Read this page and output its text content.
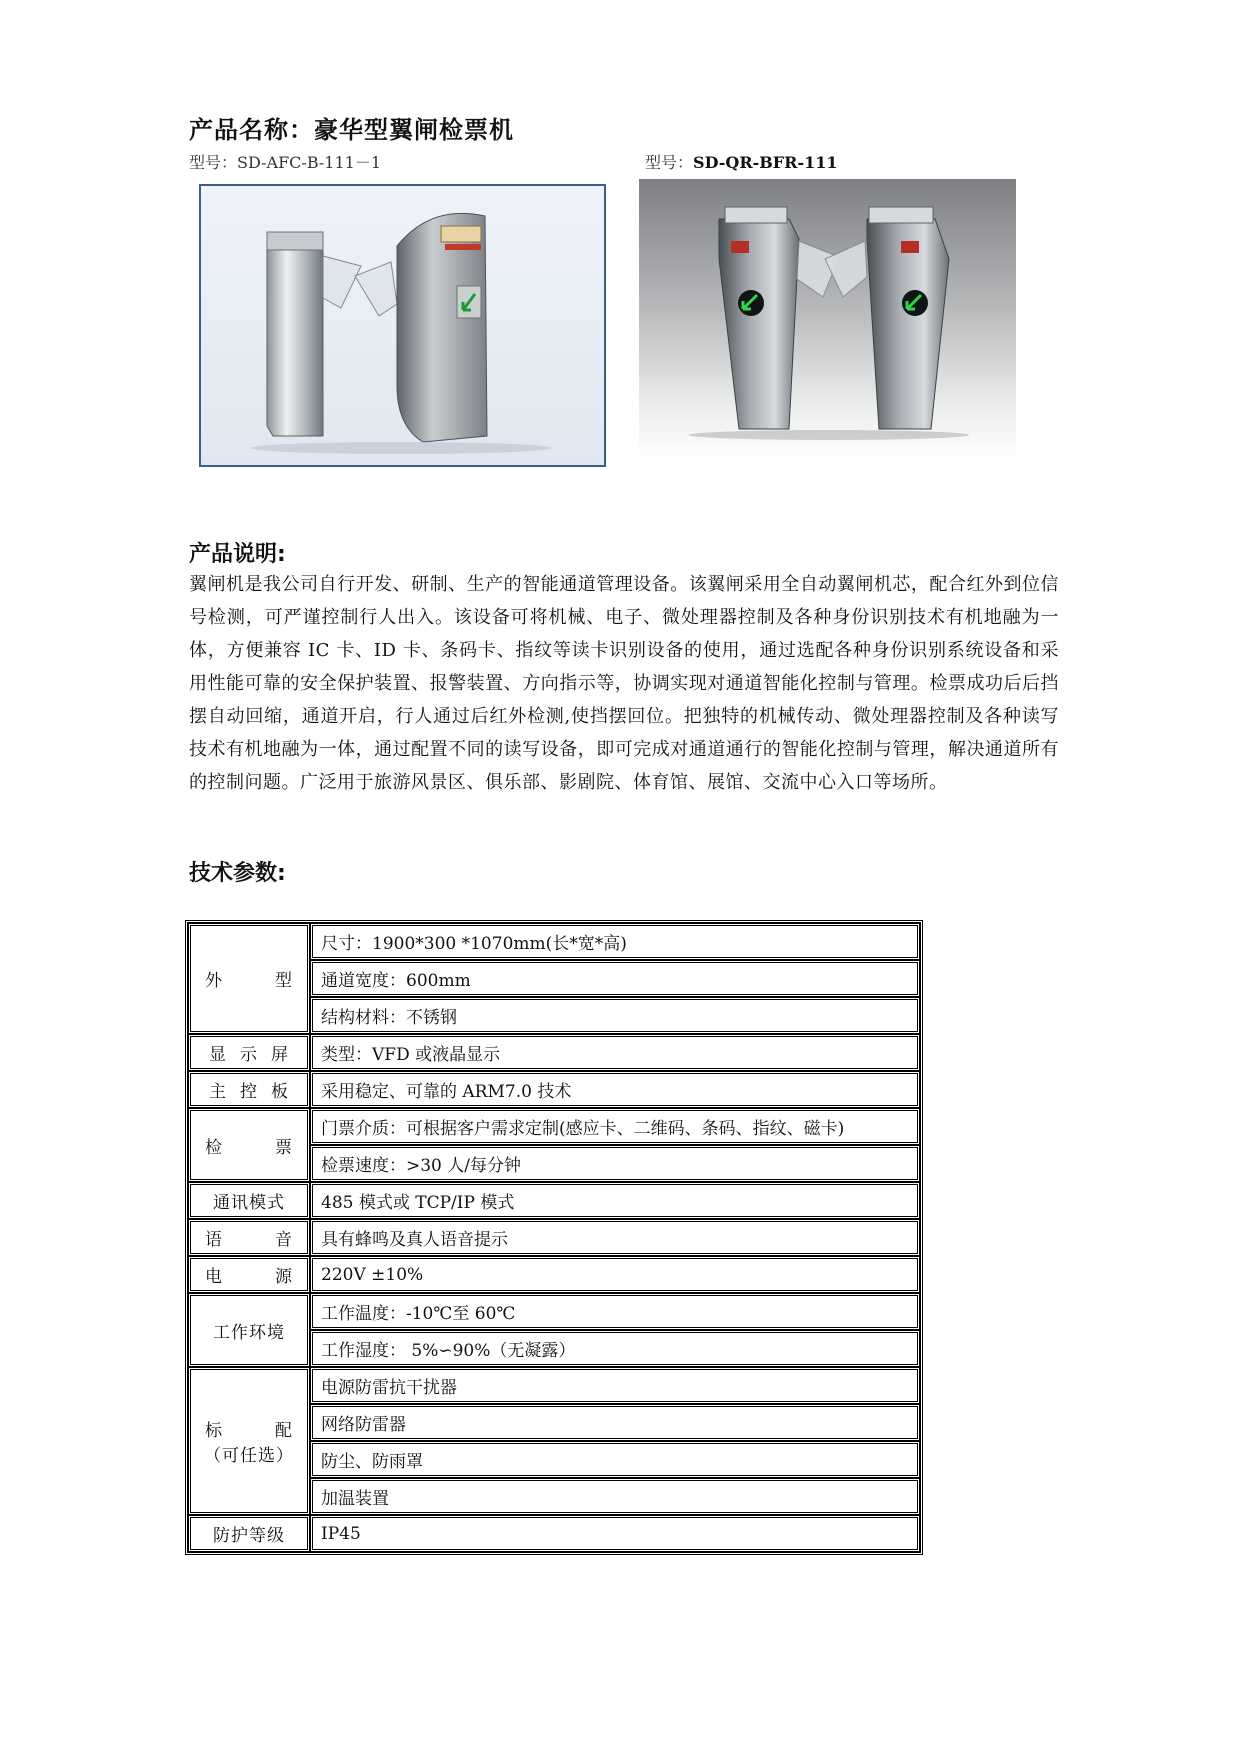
产品名称：豪华型翼闸检票机
型号：SD-AFC-B-111－1	型号：SD-QR-BFR-111
产品说明:
翼闸机是我公司自行开发、研制、生产的智能通道管理设备。该翼闸采用全自动翼闸机芯，配合红外到位信号检测，可严谨控制行人出入。该设备可将机械、电子、微处理器控制及各种身份识别技术有机地融为一体，方便兼容 IC 卡、ID 卡、条码卡、指纹等读卡识别设备的使用，通过选配各种身份识别系统设备和采用性能可靠的安全保护装置、报警装置、方向指示等，协调实现对通道智能化控制与管理。检票成功后后挡摆自动回缩，通道开启，行人通过后红外检测,使挡摆回位。把独特的机械传动、微处理器控制及各种读写技术有机地融为一体，通过配置不同的读写设备，即可完成对通道通行的智能化控制与管理，解决通道所有的控制问题。广泛用于旅游风景区、俱乐部、影剧院、体育馆、展馆、交流中心入口等场所。
技术参数:
外 型	尺寸：1900*300 *1070mm(长*宽*高)
	通道宽度：600mm
	结构材料：不锈钢

显 示 屏	类型：VFD 或液晶显示

主 控 板	采用稳定、可靠的 ARM7.0 技术

检 票	门票介质：可根据客户需求定制(感应卡、二维码、条码、指纹、磁卡)
	检票速度：>30 人/每分钟
通讯模式	485 模式或 TCP/IP 模式

语 音	具有蜂鸣及真人语音提示

电 源	220V ±10%
工作环境	工作温度：-10℃至 60℃
	工作湿度： 5%∽90%（无凝露）

标 配
（可任选）	电源防雷抗干扰器
	网络防雷器
	防尘、防雨罩
	加温装置
防护等级	IP45
